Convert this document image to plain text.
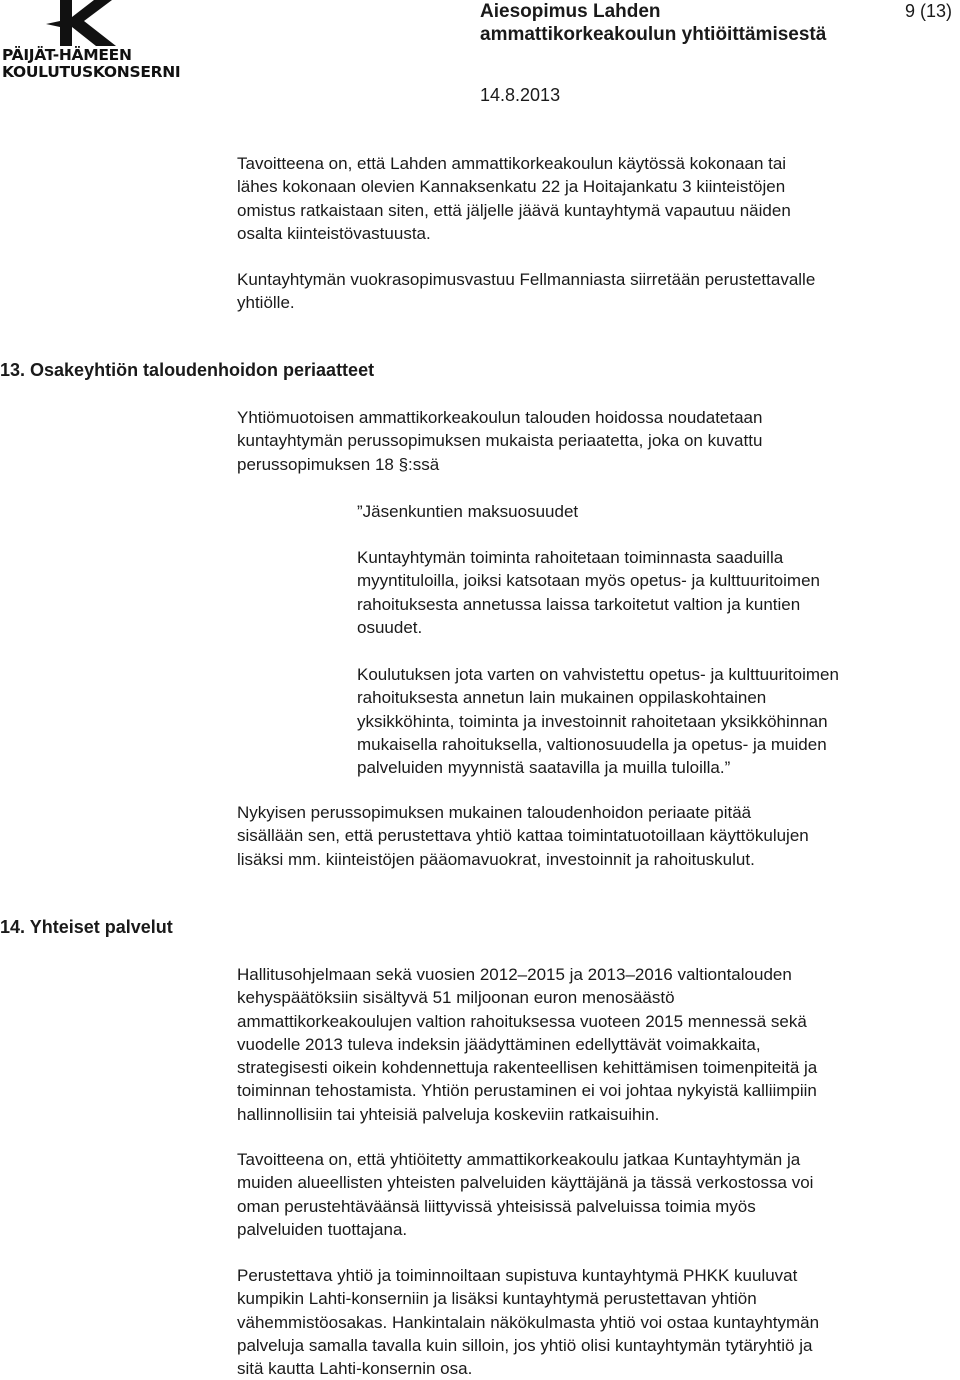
PÄIJÄT-HÄMEEN
KOULUTUSKONSERNI
Aiesopimus Lahden
ammattikorkeakoulun yhtiöittämisestä
14.8.2013
9 (13)
Tavoitteena on, että Lahden ammattikorkeakoulun käytössä kokonaan tai
lähes kokonaan olevien Kannaksenkatu 22 ja Hoitajankatu 3 kiinteistöjen
omistus ratkaistaan siten, että jäljelle jäävä kuntayhtymä vapautuu näiden
osalta kiinteistövastuusta.
Kuntayhtymän vuokrasopimusvastuu Fellmanniasta siirretään perustettavalle
yhtiölle.
13. Osakeyhtiön taloudenhoidon periaatteet
Yhtiömuotoisen ammattikorkeakoulun talouden hoidossa noudatetaan
kuntayhtymän perussopimuksen mukaista periaatetta, joka on kuvattu
perussopimuksen 18 §:ssä
”Jäsenkuntien maksuosuudet
Kuntayhtymän toiminta rahoitetaan toiminnasta saaduilla
myyntituloilla, joiksi katsotaan myös opetus- ja kulttuuritoimen
rahoituksesta annetussa laissa tarkoitetut valtion ja kuntien
osuudet.
Koulutuksen jota varten on vahvistettu opetus- ja kulttuuritoimen
rahoituksesta annetun lain mukainen oppilaskohtainen
yksikköhinta, toiminta ja investoinnit rahoitetaan yksikköhinnan
mukaisella rahoituksella, valtionosuudella ja opetus- ja muiden
palveluiden myynnistä saatavilla ja muilla tuloilla.”
Nykyisen perussopimuksen mukainen taloudenhoidon periaate pitää
sisällään sen, että perustettava yhtiö kattaa toimintatuotoillaan käyttökulujen
lisäksi mm. kiinteistöjen pääomavuokrat, investoinnit ja rahoituskulut.
14. Yhteiset palvelut
Hallitusohjelmaan sekä vuosien 2012–2015 ja 2013–2016 valtiontalouden
kehyspäätöksiin sisältyvä 51 miljoonan euron menosäästö
ammattikorkeakoulujen valtion rahoituksessa vuoteen 2015 mennessä sekä
vuodelle 2013 tuleva indeksin jäädyttäminen edellyttävät voimakkaita,
strategisesti oikein kohdennettuja rakenteellisen kehittämisen toimenpiteitä ja
toiminnan tehostamista. Yhtiön perustaminen ei voi johtaa nykyistä kalliimpiin
hallinnollisiin tai yhteisiä palveluja koskeviin ratkaisuihin.
Tavoitteena on, että yhtiöitetty ammattikorkeakoulu jatkaa Kuntayhtymän ja
muiden alueellisten yhteisten palveluiden käyttäjänä ja tässä verkostossa voi
oman perustehtäväänsä liittyvissä yhteisissä palveluissa toimia myös
palveluiden tuottajana.
Perustettava yhtiö ja toiminnoiltaan supistuva kuntayhtymä PHKK kuuluvat
kumpikin Lahti-konserniin ja lisäksi kuntayhtymä perustettavan yhtiön
vähemmistöosakas. Hankintalain näkökulmasta yhtiö voi ostaa kuntayhtymän
palveluja samalla tavalla kuin silloin, jos yhtiö olisi kuntayhtymän tytäryhtiö ja
sitä kautta Lahti-konsernin osa.
